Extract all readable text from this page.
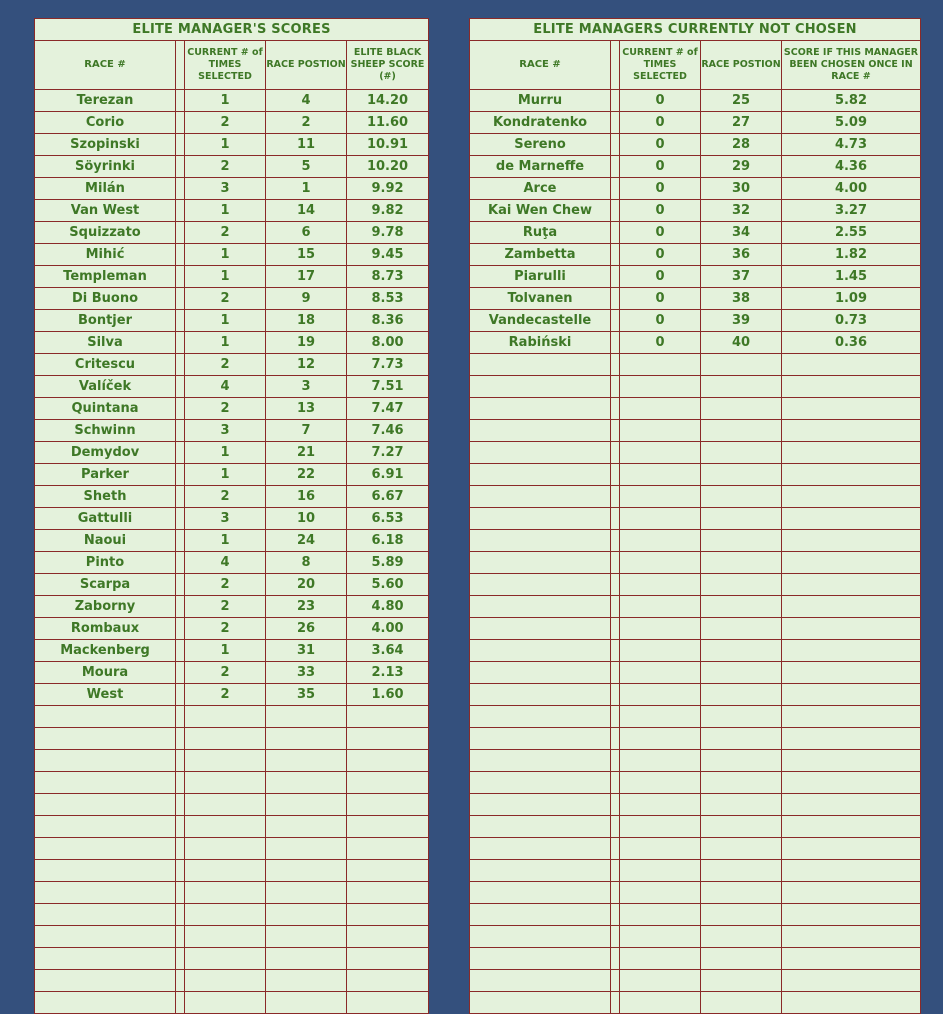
ELITE MANAGER'S SCORES				
RACE #		CURRENT # of TIMES SELECTED	RACE POSTION	ELITE BLACK SHEEP SCORE (#)
Terezan		1	4	14.20
Corio		2	2	11.60
Szopinski		1	11	10.91
Söyrinki		2	5	10.20
Milán		3	1	9.92
Van West		1	14	9.82
Squizzato		2	6	9.78
Mihić		1	15	9.45
Templeman		1	17	8.73
Di Buono		2	9	8.53
Bontjer		1	18	8.36
Silva		1	19	8.00
Critescu		2	12	7.73
Valíček		4	3	7.51
Quintana		2	13	7.47
Schwinn		3	7	7.46
Demydov		1	21	7.27
Parker		1	22	6.91
Sheth		2	16	6.67
Gattulli		3	10	6.53
Naoui		1	24	6.18
Pinto		4	8	5.89
Scarpa		2	20	5.60
Zaborny		2	23	4.80
Rombaux		2	26	4.00
Mackenberg		1	31	3.64
Moura		2	33	2.13
West		2	35	1.60

ELITE MANAGERS CURRENTLY NOT CHOSEN				
RACE #		CURRENT # of TIMES SELECTED	RACE POSTION	SCORE IF THIS MANAGER BEEN CHOSEN ONCE IN RACE #
Murru		0	25	5.82
Kondratenko		0	27	5.09
Sereno		0	28	4.73
de Marneffe		0	29	4.36
Arce		0	30	4.00
Kai Wen Chew		0	32	3.27
Ruţa		0	34	2.55
Zambetta		0	36	1.82
Piarulli		0	37	1.45
Tolvanen		0	38	1.09
Vandecastelle		0	39	0.73
Rabiński		0	40	0.36
